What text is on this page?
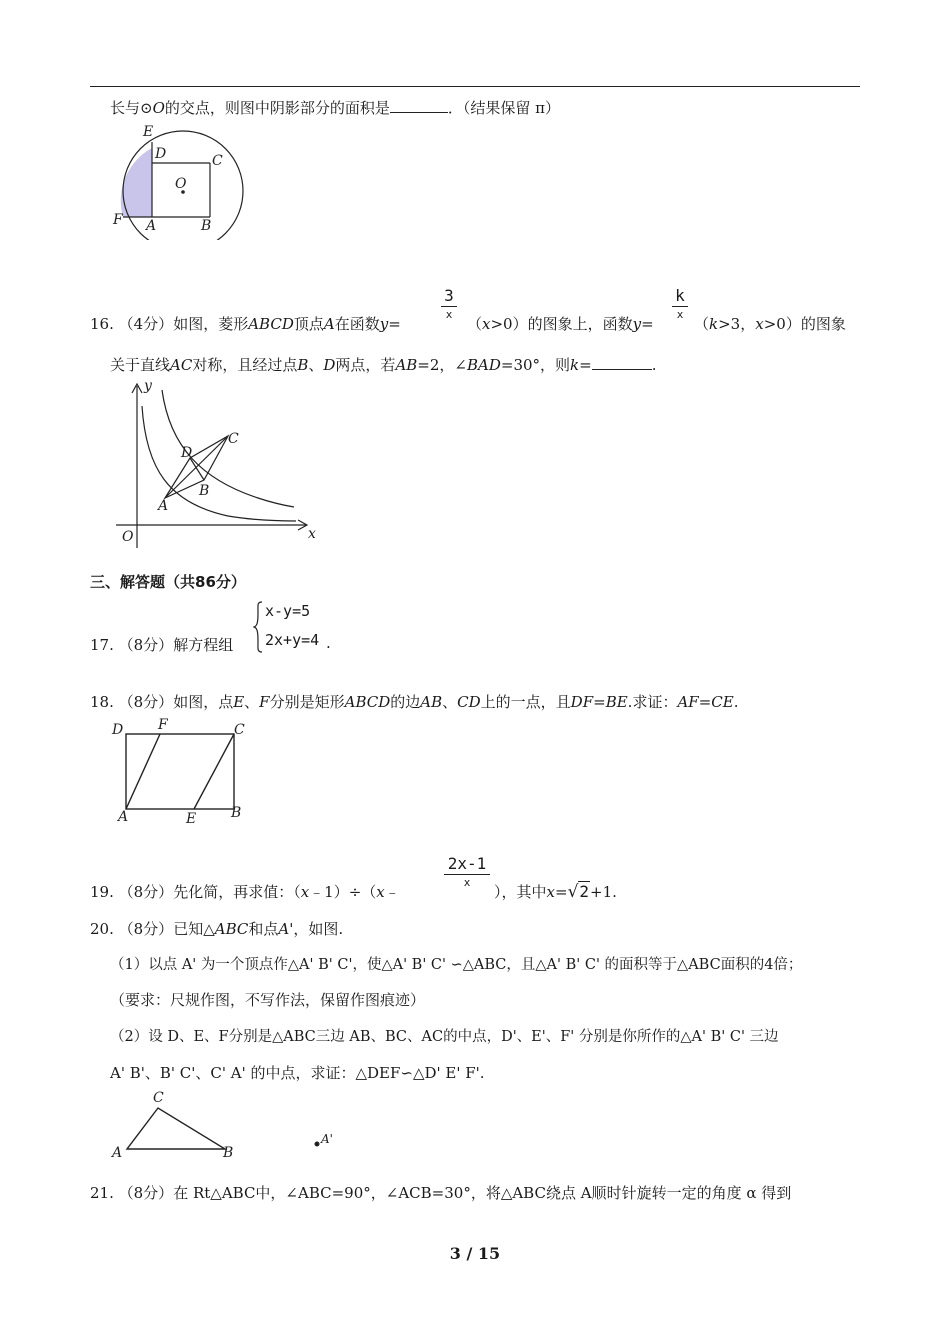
长与⊙O的交点，则图中阴影部分的面积是	．（结果保留 π）
E
D	C
O
F A	B
3
x
k
x
16. （4分）如图，菱形ABCD顶点A在函数y=	（x>0）的图象上，函数y=	（k>3，x>0）的图象
关于直线AC对称，且经过点B、D两点，若AB=2，∠BAD=30°，则k=	.
y
x
O
A
B
C
D
三、解答题（共86分）
17. （8分）解方程组
x-y=5
2x+y=4 .
18. （8分）如图，点E、F分别是矩形ABCD的边AB、CD上的一点，且DF=BE.求证：AF=CE.
D F	C
A	E B
2x-1
x
19. （8分）先化简，再求值：（x﹣1）÷（x﹣	），其中x=√2+1.
20. （8分）已知△ABC和点A'，如图.
（1）以点 A' 为一个顶点作△A' B' C'，使△A' B' C' ∽△ABC，且△A' B' C' 的面积等于△ABC面积的4倍；
（要求：尺规作图，不写作法，保留作图痕迹）
（2）设 D、E、F分别是△ABC三边 AB、BC、AC的中点，D'、E'、F' 分别是你所作的△A' B' C' 三边
A' B'、B' C'、C' A' 的中点，求证：△DEF∽△D' E' F'.
C
A	B
A'
21. （8分）在 Rt△ABC中，∠ABC=90°，∠ACB=30°，将△ABC绕点 A顺时针旋转一定的角度 α 得到
3 / 15
